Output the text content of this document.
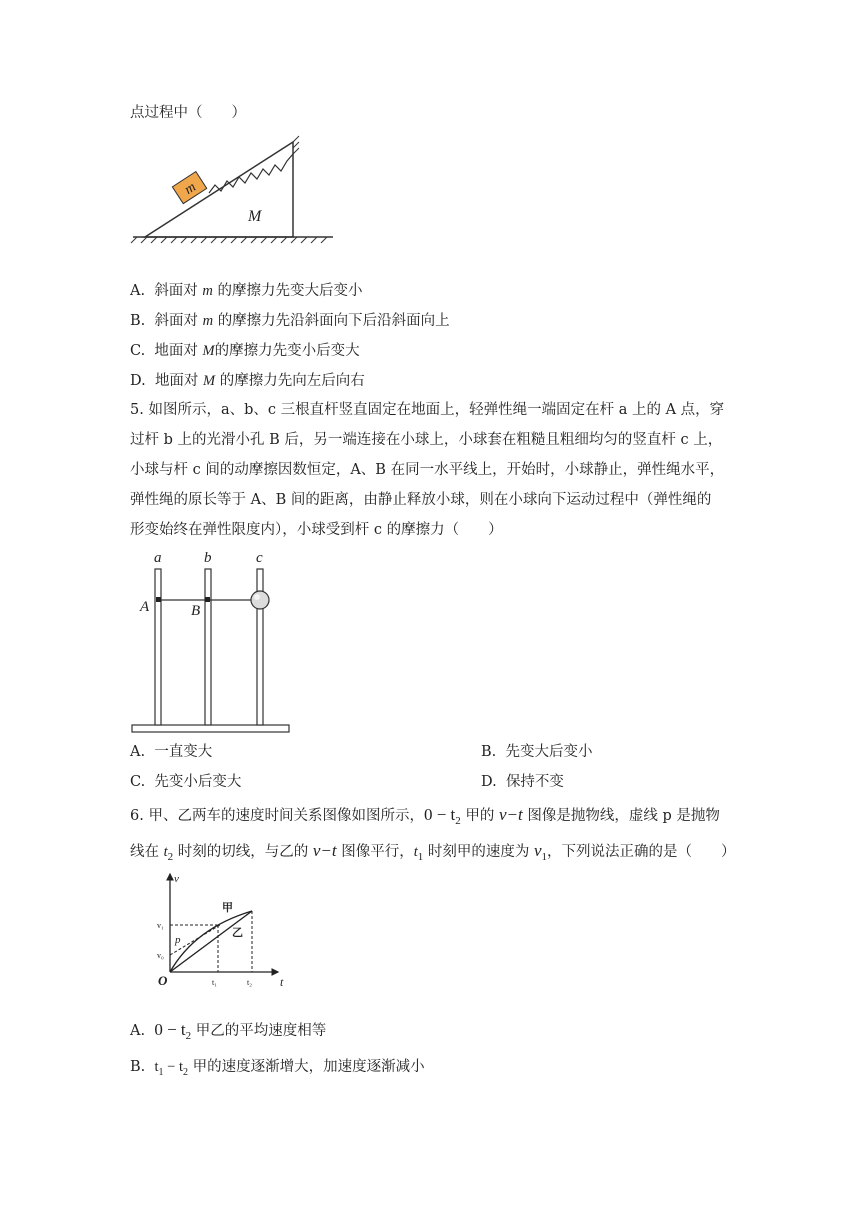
点过程中（　　）
m
M
A. 斜面对 m 的摩擦力先变大后变小
B. 斜面对 m 的摩擦力先沿斜面向下后沿斜面向上
C. 地面对 M的摩擦力先变小后变大
D. 地面对 M 的摩擦力先向左后向右
5. 如图所示，a、b、c 三根直杆竖直固定在地面上，轻弹性绳一端固定在杆 a 上的 A 点，穿
过杆 b 上的光滑小孔 B 后，另一端连接在小球上，小球套在粗糙且粗细均匀的竖直杆 c 上，
小球与杆 c 间的动摩擦因数恒定，A、B 在同一水平线上，开始时，小球静止，弹性绳水平，
弹性绳的原长等于 A、B 间的距离，由静止释放小球，则在小球向下运动过程中（弹性绳的
形变始终在弹性限度内），小球受到杆 c 的摩擦力（　　）
a	b	c
A	B
A. 一直变大	B. 先变大后变小
C. 先变小后变大	D. 保持不变
6. 甲、乙两车的速度时间关系图像如图所示，$0 - t_2$ 甲的 v−t 图像是抛物线，虚线 p 是抛物
线在 $t_2$ 时刻的切线，与乙的 v−t 图像平行，$t_1$ 时刻甲的速度为 $v_1$，下列说法正确的是（　　）
v
t
O
v₁
v₀
p
甲
乙
t₁	t₂
A. $0 - t_2$ 甲乙的平均速度相等
B. $t_1 - t_2$ 甲的速度逐渐增大，加速度逐渐减小
